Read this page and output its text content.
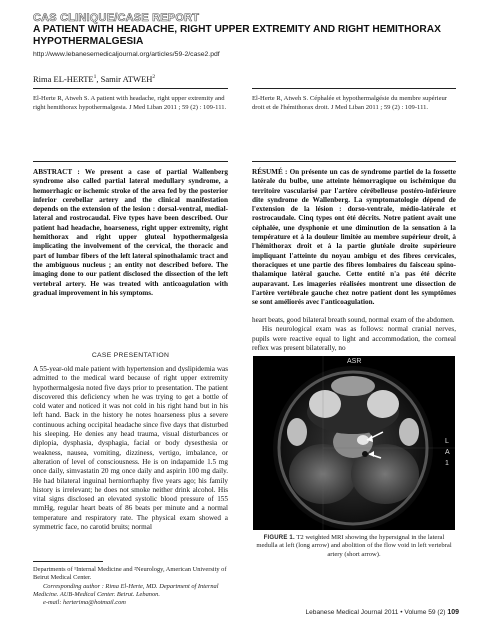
CAS CLINIQUE/CASE REPORT
A PATIENT WITH HEADACHE, RIGHT UPPER EXTREMITY AND RIGHT HEMITHORAX HYPOTHERMALGESIA
http://www.lebanesemedicaljournal.org/articles/59-2/case2.pdf
Rima EL-HERTE$^1$, Samir ATWEH$^2$
El-Herte R, Atweh S. A patient with headache, right upper extremity and right hemithorax hypothermalgesia. J Med Liban 2011 ; 59 (2) : 109-111.
El-Herte R, Atweh S. Céphalée et hypothermalgésie du membre supérieur droit et de l'hémithorax droit. J Med Liban 2011 ; 59 (2) : 109-111.
ABSTRACT : We present a case of partial Wallenberg syndrome also called partial lateral medullary syndrome, a hemorrhagic or ischemic stroke of the area fed by the posterior inferior cerebellar artery and the clinical manifestation depends on the extension of the lesion : dorsal-ventral, medial-lateral and rostrocaudal. Five types have been described. Our patient had headache, hoarseness, right upper extremity, right hemithorax and right upper gluteal hypothermalgesia implicating the involvement of the cervical, the thoracic and part of lumbar fibers of the left lateral spinothalamic tract and the ambiguous nucleus ; an entity not described before. The imaging done to our patient disclosed the dissection of the left vertebral artery. He was treated with anticoagulation with gradual improvement in his symptoms.
RÉSUMÉ : On présente un cas de syndrome partiel de la fossette latérale du bulbe, une atteinte hémorragique ou ischémique du territoire vascularisé par l'artère cérébelleuse postéro-inférieure dite syndrome de Wallenberg. La symptomatologie dépend de l'extension de la lésion : dorso-ventrale, médio-latérale et rostrocaudale. Cinq types ont été décrits. Notre patient avait une céphalée, une dysphonie et une diminution de la sensation à la température et à la douleur limitée au membre supérieur droit, à l'hémithorax droit et à la partie glutéale droite supérieure impliquant l'atteinte du noyau ambigu et des fibres cervicales, thoraciques et une partie des fibres lombaires du faisceau spino-thalamique latéral gauche. Cette entité n'a pas été décrite auparavant. Les imageries réalisées montrent une dissection de l'artère vertébrale gauche chez notre patient dont les symptômes se sont améliorés avec l'anticoagulation.
CASE PRESENTATION

A 55-year-old male patient with hypertension and dyslipidemia was admitted to the medical ward because of right upper extremity hypothermalgesia noted five days prior to presentation. The patient discovered this deficiency when he was trying to get a bottle of cold water and noticed it was not cold in his right hand but in his left hand. Back in the history he notes hoarseness plus a severe continuous aching occipital headache since five days that disturbed his sleeping. He denies any head trauma, visual disturbances or diplopia, dysphasia, dysphagia, facial or body dysesthesia or weakness, nausea, vomiting, dizziness, vertigo, imbalance, or alteration of level of consciousness. He is on indapamide 1.5 mg once daily, simvastatin 20 mg once daily and aspirin 100 mg daily. He had bilateral inguinal herniorrhaphy five years ago; his family history is irrelevant; he does not smoke neither drink alcohol. His vital signs disclosed an elevated systolic blood pressure of 155 mmHg, regular heart beats of 86 beats per minute and a normal temperature and respiratory rate. The physical exam showed a symmetric face, no carotid bruits; normal

heart beats, good bilateral breath sound, normal exam of the abdomen.

His neurological exam was as follows: normal cranial nerves, pupils were reactive equal to light and accommodation, the corneal reflex was present bilaterally, no

Departments of ¹Internal Medicine and ²Neurology, American University of Beirut Medical Center.
Corresponding author : Rima El-Herte, MD. Department of Internal Medicine. AUB-Medical Center. Beirut. Lebanon.
e-mail: herterima@hotmail.com
ASR
LA1
FIGURE 1. T2 weighted MRI showing the hypersignal in the lateral medulla at left (long arrow) and abolition of the flow void in left vertebral artery (short arrow).
Lebanese Medical Journal 2011 • Volume 59 (2) 109
